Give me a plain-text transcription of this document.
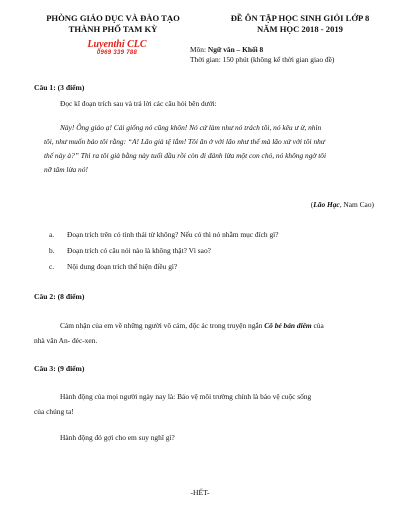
PHÒNG GIÁO DỤC VÀ ĐÀO TẠO
THÀNH PHỐ TAM KỲ
ĐỀ ÔN TẬP HỌC SINH GIỎI LỚP 8
NĂM HỌC 2018 - 2019
Luyenthi CLC
0969 339 788	Môn: Ngữ văn – Khối 8
Thời gian: 150 phút (không kể thời gian giao đề)
Câu 1: (3 điểm)
Đọc kĩ đoạn trích sau và trả lời các câu hỏi bên dưới:
Này! Ông giáo ạ! Cái giống nó cũng khôn! Nó cứ làm như nó trách tôi, nó kêu ư ử, nhìn
tôi, như muốn bảo tôi rằng: “A! Lão già tệ lắm! Tôi ăn ở với lão như thế mà lão xử với tôi như
thế này à?” Thì ra tôi già bằng này tuổi đầu rồi còn đi đánh lừa một con chó, nó không ngờ tôi
nỡ tâm lừa nó!
(Lão Hạc, Nam Cao)
a. Đoạn trích trên có tình thái từ không? Nếu có thì nó nhằm mục đích gì?
b. Đoạn trích có câu nói nào là không thật? Vì sao?
c. Nội dung đoạn trích thể hiện điều gì?
Câu 2: (8 điểm)
Cảm nhận của em về những người vô cảm, độc ác trong truyện ngắn Cô bé bán diêm của
nhà văn An- đéc-xen.
Câu 3: (9 điểm)
Hành động của mọi người ngày nay là: Bảo vệ môi trường chính là bảo vệ cuộc sống
của chúng ta!
Hành động đó gợi cho em suy nghĩ gì?
-HẾT-
